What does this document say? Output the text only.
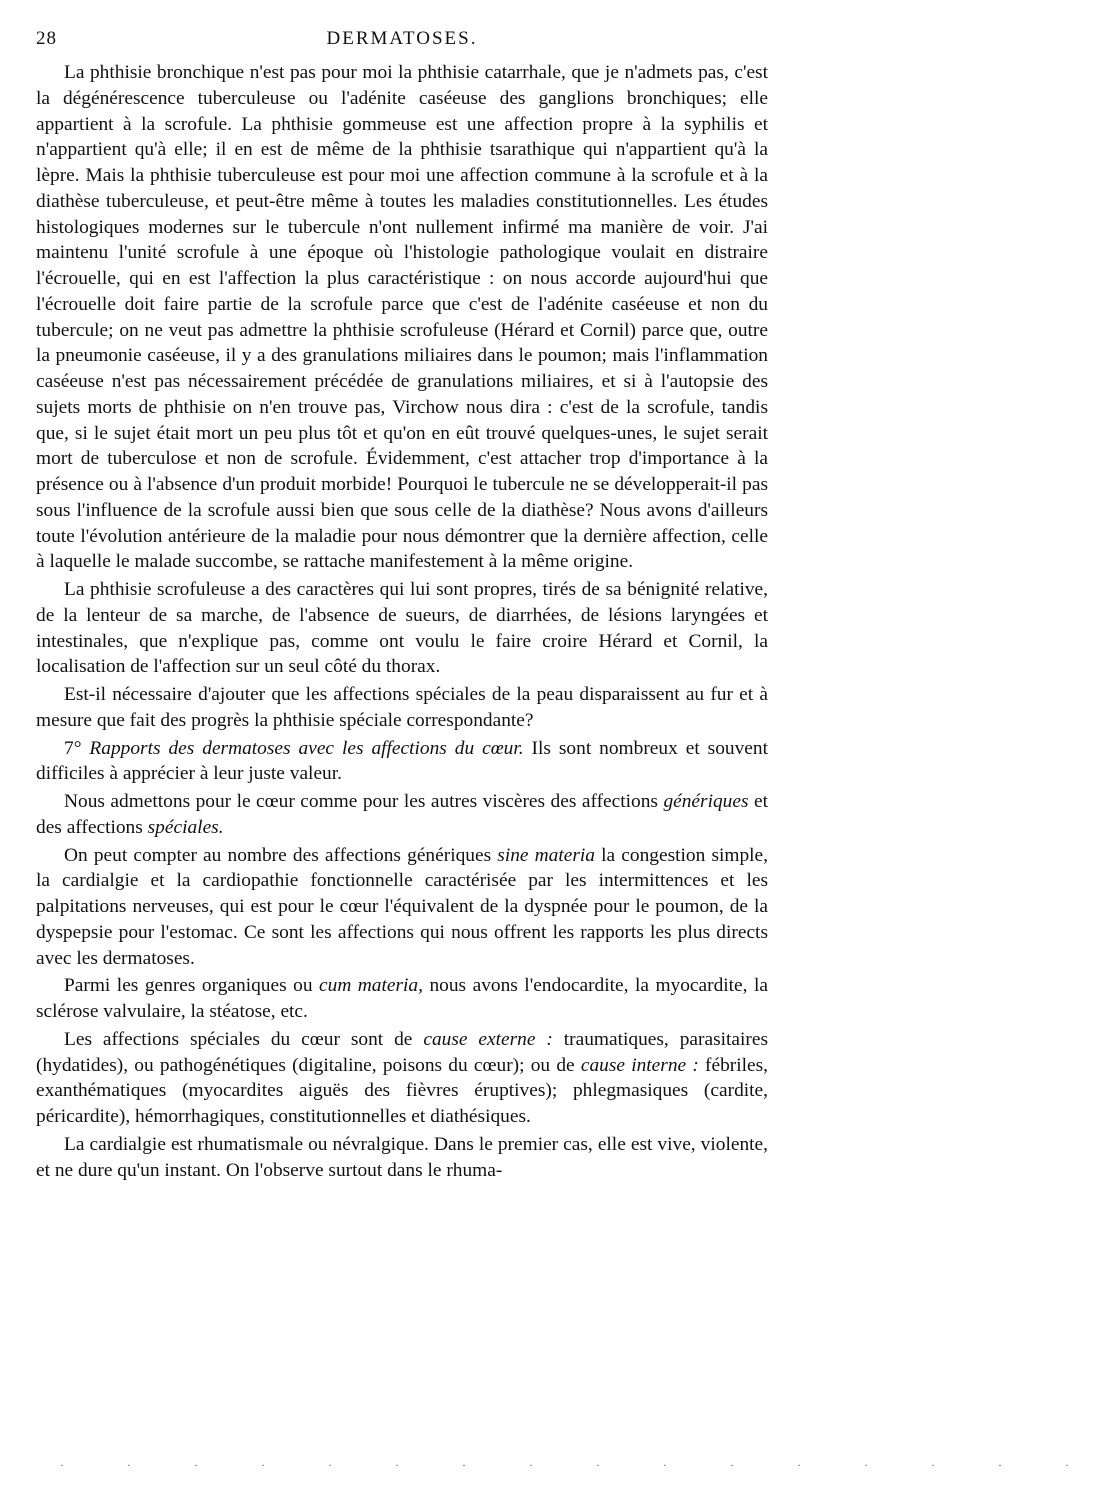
28	DERMATOSES.

La phthisie bronchique n'est pas pour moi la phthisie catarrhale, que je n'admets pas, c'est la dégénérescence tuberculeuse ou l'adénite caséeuse des ganglions bronchiques; elle appartient à la scrofule. La phthisie gommeuse est une affection propre à la syphilis et n'appartient qu'à elle; il en est de même de la phthisie tsarathique qui n'appartient qu'à la lèpre. Mais la phthisie tuberculeuse est pour moi une affection commune à la scrofule et à la diathèse tuberculeuse, et peut-être même à toutes les maladies constitutionnelles. Les études histologiques modernes sur le tubercule n'ont nullement infirmé ma manière de voir. J'ai maintenu l'unité scrofule à une époque où l'histologie pathologique voulait en distraire l'écrouelle, qui en est l'affection la plus caractéristique : on nous accorde aujourd'hui que l'écrouelle doit faire partie de la scrofule parce que c'est de l'adénite caséeuse et non du tubercule; on ne veut pas admettre la phthisie scrofuleuse (Hérard et Cornil) parce que, outre la pneumonie caséeuse, il y a des granulations miliaires dans le poumon; mais l'inflammation caséeuse n'est pas nécessairement précédée de granulations miliaires, et si à l'autopsie des sujets morts de phthisie on n'en trouve pas, Virchow nous dira : c'est de la scrofule, tandis que, si le sujet était mort un peu plus tôt et qu'on en eût trouvé quelques-unes, le sujet serait mort de tuberculose et non de scrofule. Évidemment, c'est attacher trop d'importance à la présence ou à l'absence d'un produit morbide! Pourquoi le tubercule ne se développerait-il pas sous l'influence de la scrofule aussi bien que sous celle de la diathèse? Nous avons d'ailleurs toute l'évolution antérieure de la maladie pour nous démontrer que la dernière affection, celle à laquelle le malade succombe, se rattache manifestement à la même origine.

La phthisie scrofuleuse a des caractères qui lui sont propres, tirés de sa bénignité relative, de la lenteur de sa marche, de l'absence de sueurs, de diarrhées, de lésions laryngées et intestinales, que n'explique pas, comme ont voulu le faire croire Hérard et Cornil, la localisation de l'affection sur un seul côté du thorax.

Est-il nécessaire d'ajouter que les affections spéciales de la peau disparaissent au fur et à mesure que fait des progrès la phthisie spéciale correspondante?

7° Rapports des dermatoses avec les affections du cœur. Ils sont nombreux et souvent difficiles à apprécier à leur juste valeur.

Nous admettons pour le cœur comme pour les autres viscères des affections génériques et des affections spéciales.

On peut compter au nombre des affections génériques sine materia la congestion simple, la cardialgie et la cardiopathie fonctionnelle caractérisée par les intermittences et les palpitations nerveuses, qui est pour le cœur l'équivalent de la dyspnée pour le poumon, de la dyspepsie pour l'estomac. Ce sont les affections qui nous offrent les rapports les plus directs avec les dermatoses.

Parmi les genres organiques ou cum materia, nous avons l'endocardite, la myocardite, la sclérose valvulaire, la stéatose, etc.

Les affections spéciales du cœur sont de cause externe : traumatiques, parasitaires (hydatides), ou pathogénétiques (digitaline, poisons du cœur); ou de cause interne : fébriles, exanthématiques (myocardites aiguës des fièvres éruptives); phlegmasiques (cardite, péricardite), hémorrhagiques, constitutionnelles et diathésiques.

La cardialgie est rhumatismale ou névralgique. Dans le premier cas, elle est vive, violente, et ne dure qu'un instant. On l'observe surtout dans le rhuma-

· · · · · · · · · · · · · · · ·
